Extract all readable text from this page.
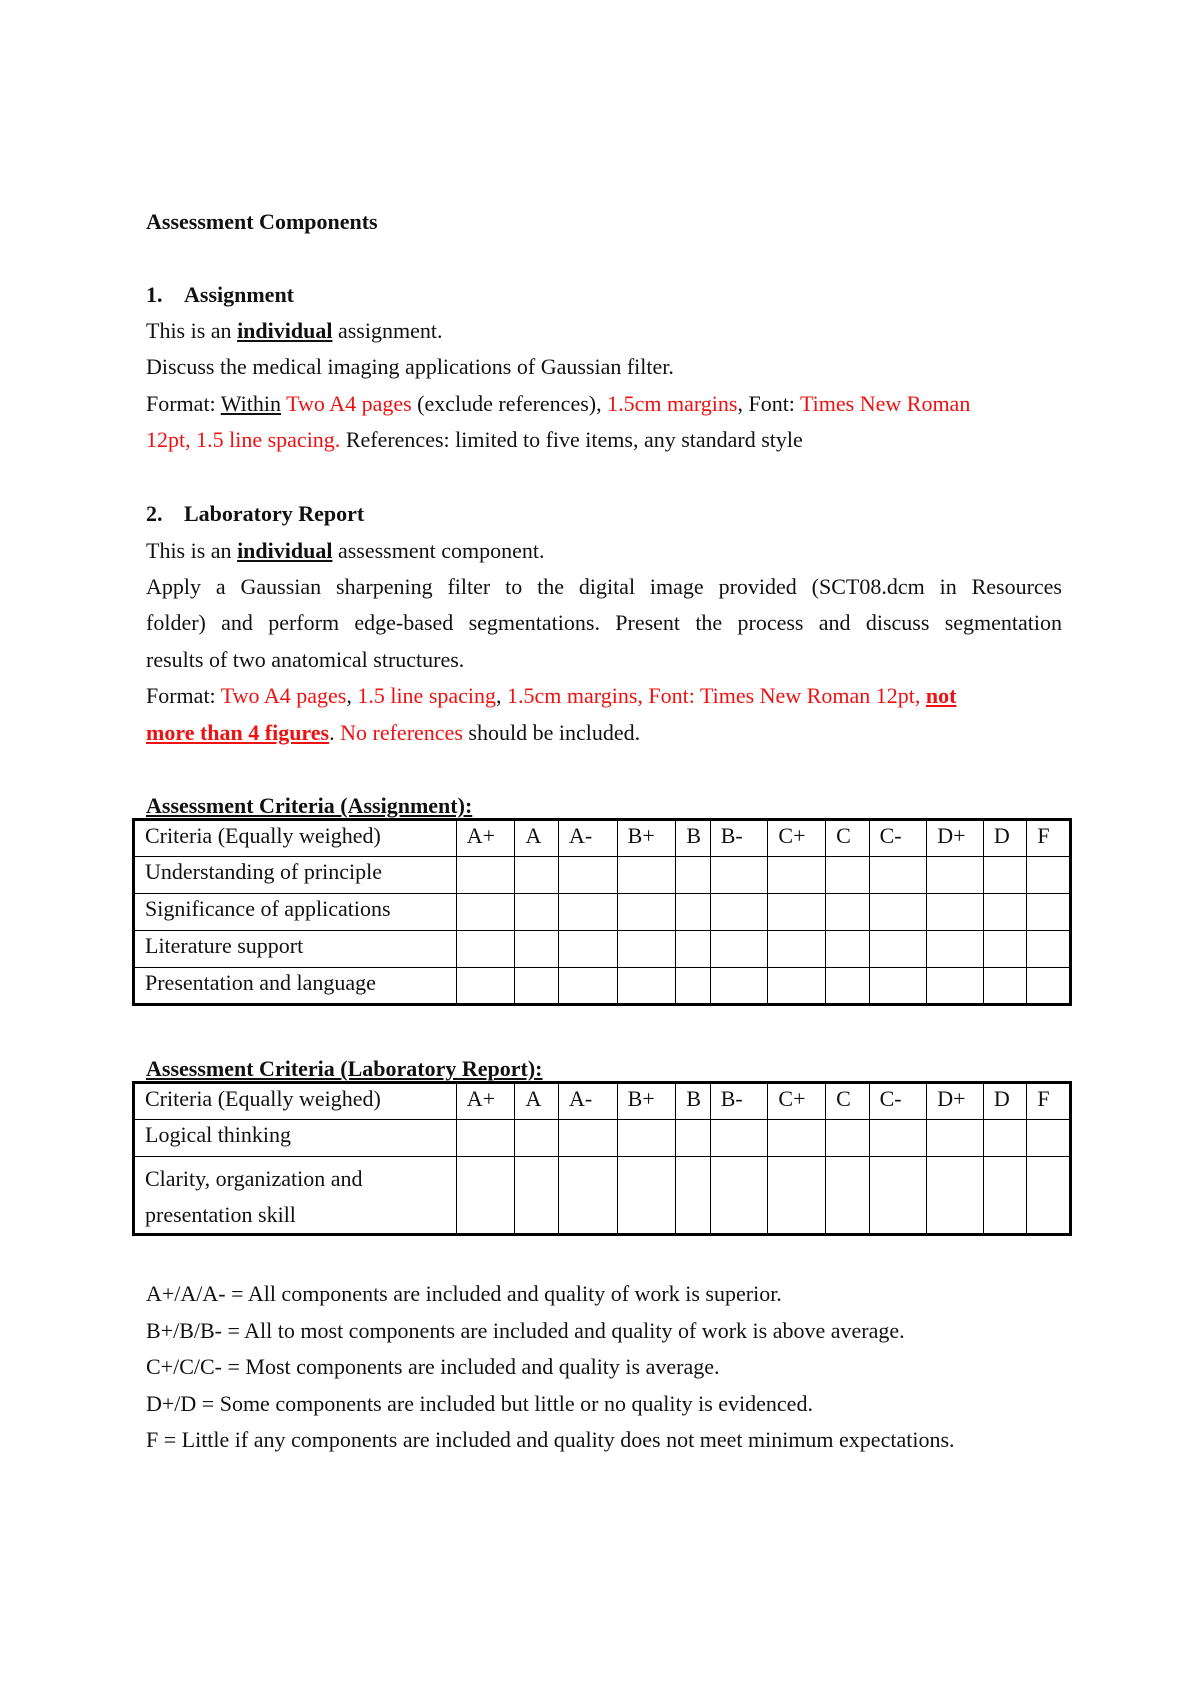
Assessment Components

1. Assignment

This is an individual assignment.

Discuss the medical imaging applications of Gaussian filter.

Format: Within Two A4 pages (exclude references), 1.5cm margins, Font: Times New Roman

12pt, 1.5 line spacing. References: limited to five items, any standard style

2. Laboratory Report

This is an individual assessment component.

Apply a Gaussian sharpening filter to the digital image provided (SCT08.dcm in Resources

folder) and perform edge-based segmentations. Present the process and discuss segmentation

results of two anatomical structures.

Format: Two A4 pages, 1.5 line spacing, 1.5cm margins, Font: Times New Roman 12pt, not

more than 4 figures. No references should be included.

Assessment Criteria (Assignment):

Criteria (Equally weighed)	A+	A	A-	B+	B	B-	C+	C	C-	D+	D	F
Understanding of principle												
Significance of applications												
Literature support												
Presentation and language												

Assessment Criteria (Laboratory Report):

Criteria (Equally weighed)	A+	A	A-	B+	B	B-	C+	C	C-	D+	D	F
Logical thinking												
Clarity, organization and presentation skill												

A+/A/A- = All components are included and quality of work is superior.

B+/B/B- = All to most components are included and quality of work is above average.

C+/C/C- = Most components are included and quality is average.

D+/D = Some components are included but little or no quality is evidenced.

F = Little if any components are included and quality does not meet minimum expectations.
